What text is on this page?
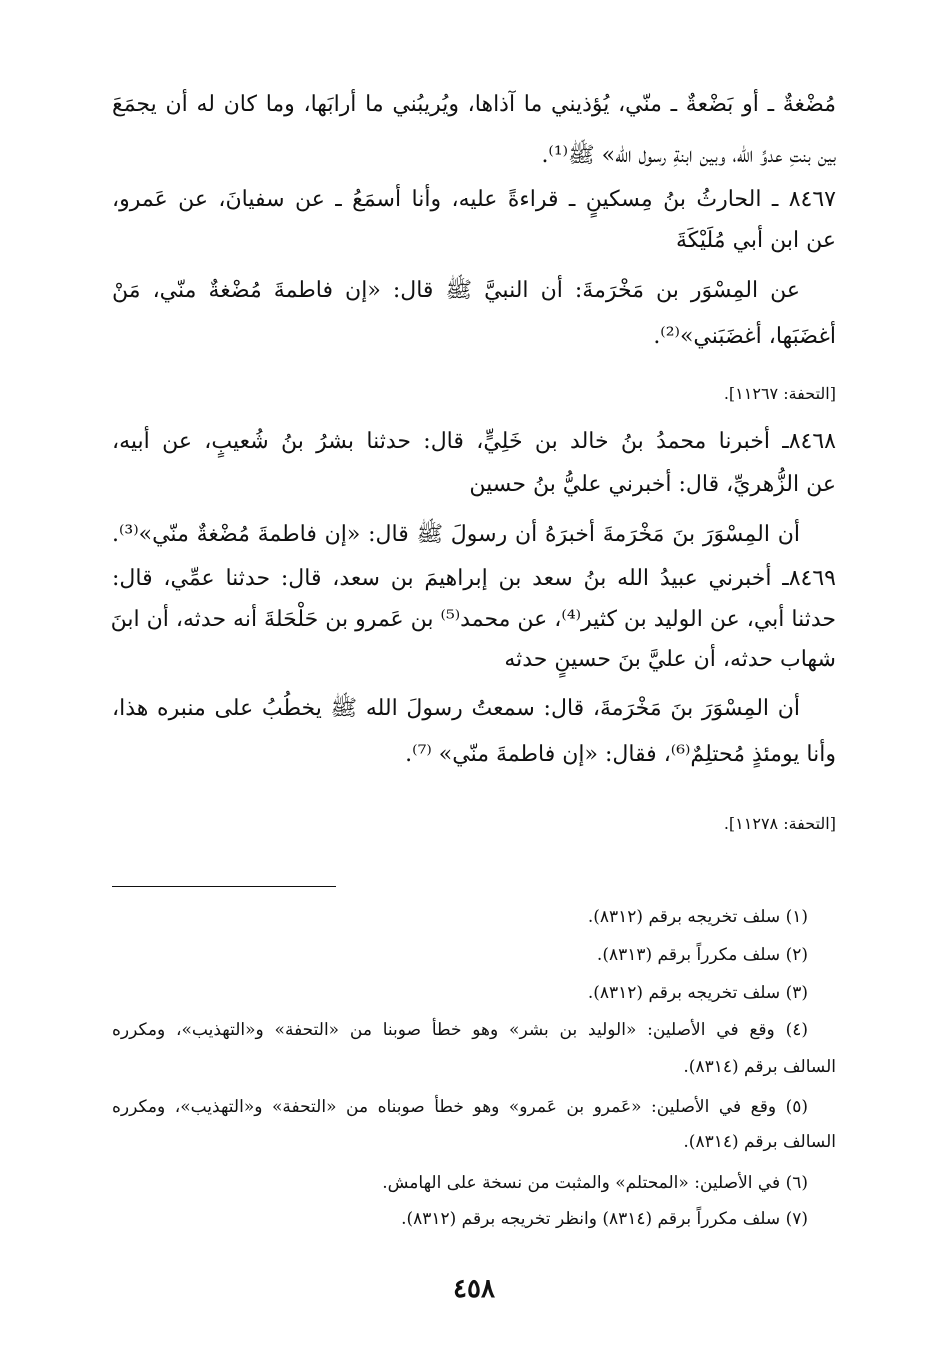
مُضْغةٌ ـ أو بَضْعةٌ ـ منّي، يُؤذيني ما آذاها، ويُريبُني ما أرابَها، وما كان له أن يجمَعَ
بين بنتِ عدوِّ الله، وبين ابنةِ رسول الله» ﷺ⁽¹⁾.
٨٤٦٧ ـ الحارثُ بنُ مِسكينٍ ـ قراءةً عليه، وأنا أسمَعُ ـ عن سفيانَ، عن عَمرو،
عن ابن أبي مُلَيْكَةَ
عن المِسْوَر بن مَخْرَمةَ: أن النبيَّ ﷺ قال: «إن فاطمةَ مُضْغةٌ منّي، مَنْ
أغضَبَها، أغضَبَني»⁽²⁾.
[التحفة: ١١٢٦٧].
٨٤٦٨ـ أخبرنا محمدُ بنُ خالد بن خَلِيٍّ، قال: حدثنا بشرُ بنُ شُعيبٍ، عن أبيه،
عن الزُّهريِّ، قال: أخبرني عليُّ بنُ حسين
أن المِسْوَرَ بنَ مَخْرَمةَ أخبرَهُ أن رسولَ ﷺ قال: «إن فاطمةَ مُضْغةٌ منّي»⁽³⁾.
٨٤٦٩ـ أخبرني عبيدُ الله بنُ سعد بن إبراهيمَ بن سعد، قال: حدثنا عمِّي، قال:
حدثنا أبي، عن الوليد بن كثير⁽⁴⁾، عن محمد⁽⁵⁾ بن عَمرو بن حَلْحَلةَ أنه حدثه، أن ابنَ
شهاب حدثه، أن عليَّ بنَ حسينٍ حدثه
أن المِسْوَرَ بنَ مَخْرَمةَ، قال: سمعتُ رسولَ الله ﷺ يخطُبُ على منبره هذا،
وأنا يومئذٍ مُحتلِمٌ⁽⁶⁾، فقال: «إن فاطمةَ منّي» ⁽⁷⁾.
[التحفة: ١١٢٧٨].
(١) سلف تخريجه برقم (٨٣١٢).
(٢) سلف مكرراً برقم (٨٣١٣).
(٣) سلف تخريجه برقم (٨٣١٢).
(٤) وقع في الأصلين: «الوليد بن بشر» وهو خطأ صوبنا من «التحفة» و«التهذيب»، ومكرره
السالف برقم (٨٣١٤).
(٥) وقع في الأصلين: «عَمرو بن عَمرو» وهو خطأ صوبناه من «التحفة» و«التهذيب»، ومكرره
السالف برقم (٨٣١٤).
(٦) في الأصلين: «المحتلم» والمثبت من نسخة على الهامش.
(٧) سلف مكرراً برقم (٨٣١٤) وانظر تخريجه برقم (٨٣١٢).
٤٥٨
